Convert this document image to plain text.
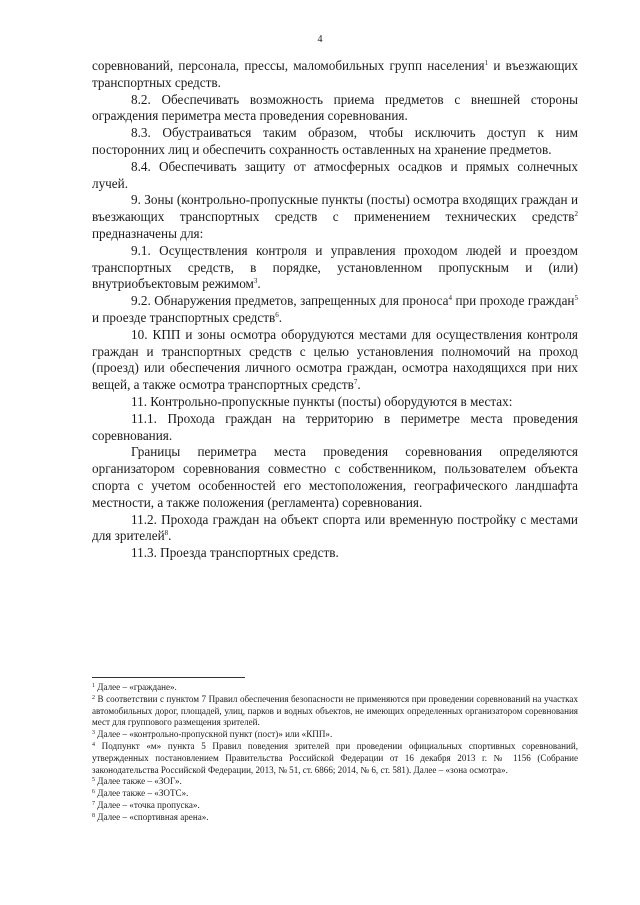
4

соревнований, персонала, прессы, маломобильных групп населения$^1$ и въезжающих транспортных средств.

8.2. Обеспечивать возможность приема предметов с внешней стороны ограждения периметра места проведения соревнования.

8.3. Обустраиваться таким образом, чтобы исключить доступ к ним посторонних лиц и обеспечить сохранность оставленных на хранение предметов.

8.4. Обеспечивать защиту от атмосферных осадков и прямых солнечных лучей.

9. Зоны (контрольно-пропускные пункты (посты) осмотра входящих граждан и въезжающих транспортных средств с применением технических средств$^2$ предназначены для:

9.1. Осуществления контроля и управления проходом людей и проездом транспортных средств, в порядке, установленном пропускным и (или) внутриобъектовым режимом$^3$.

9.2. Обнаружения предметов, запрещенных для проноса$^4$ при проходе граждан$^5$ и проезде транспортных средств$^6$.

10. КПП и зоны осмотра оборудуются местами для осуществления контроля граждан и транспортных средств с целью установления полномочий на проход (проезд) или обеспечения личного осмотра граждан, осмотра находящихся при них вещей, а также осмотра транспортных средств$^7$.

11. Контрольно-пропускные пункты (посты) оборудуются в местах:

11.1. Прохода граждан на территорию в периметре места проведения соревнования.

Границы периметра места проведения соревнования определяются организатором соревнования совместно с собственником, пользователем объекта спорта с учетом особенностей его местоположения, географического ландшафта местности, а также положения (регламента) соревнования.

11.2. Прохода граждан на объект спорта или временную постройку с местами для зрителей$^8$.

11.3. Проезда транспортных средств.

$^1$ Далее – «граждане».

$^2$ В соответствии с пунктом 7 Правил обеспечения безопасности не применяются при проведении соревнований на участках автомобильных дорог, площадей, улиц, парков и водных объектов, не имеющих определенных организатором соревнования мест для группового размещения зрителей.

$^3$ Далее – «контрольно-пропускной пункт (пост)» или «КПП».

$^4$ Подпункт «м» пункта 5 Правил поведения зрителей при проведении официальных спортивных соревнований, утвержденных постановлением Правительства Российской Федерации от 16 декабря 2013 г. № 1156 (Собрание законодательства Российской Федерации, 2013, № 51, ст. 6866; 2014, № 6, ст. 581). Далее – «зона осмотра».

$^5$ Далее также – «ЗОГ».

$^6$ Далее также – «ЗОТС».

$^7$ Далее – «точка пропуска».

$^8$ Далее – «спортивная арена».
